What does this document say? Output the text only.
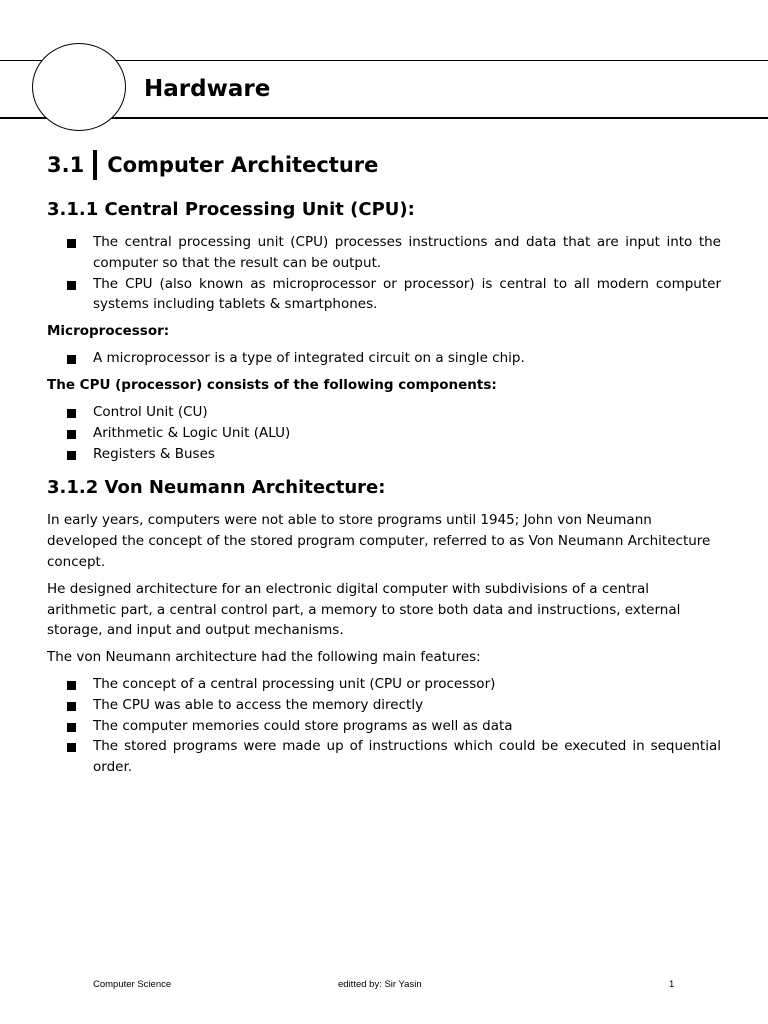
Hardware
3.1 Computer Architecture
3.1.1 Central Processing Unit (CPU):
The central processing unit (CPU) processes instructions and data that are input into the computer so that the result can be output.
The CPU (also known as microprocessor or processor) is central to all modern computer systems including tablets & smartphones.
Microprocessor:
A microprocessor is a type of integrated circuit on a single chip.
The CPU (processor) consists of the following components:
Control Unit (CU)
Arithmetic & Logic Unit (ALU)
Registers & Buses
3.1.2 Von Neumann Architecture:

In early years, computers were not able to store programs until 1945; John von Neumann developed the concept of the stored program computer, referred to as Von Neumann Architecture concept.

He designed architecture for an electronic digital computer with subdivisions of a central arithmetic part, a central control part, a memory to store both data and instructions, external storage, and input and output mechanisms.

The von Neumann architecture had the following main features:

The concept of a central processing unit (CPU or processor)
The CPU was able to access the memory directly
The computer memories could store programs as well as data
The stored programs were made up of instructions which could be executed in sequential order.
Computer Science	editted by: Sir Yasin	1
